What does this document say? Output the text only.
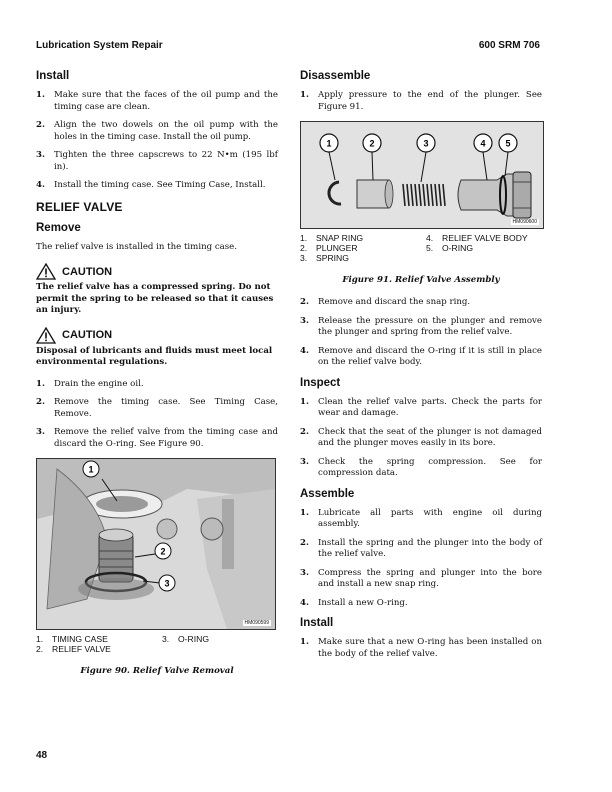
Lubrication System Repair	600 SRM 706
Install
1. Make sure that the faces of the oil pump and the timing case are clean.
2. Align the two dowels on the oil pump with the holes in the timing case. Install the oil pump.
3. Tighten the three capscrews to 22 N•m (195 lbf in).
4. Install the timing case. See Timing Case, Install.
RELIEF VALVE
Remove

The relief valve is installed in the timing case.

CAUTION

The relief valve has a compressed spring. Do not permit the spring to be released so that it causes an injury.

CAUTION

Disposal of lubricants and fluids must meet local environmental regulations.

1. Drain the engine oil.
2. Remove the timing case. See Timing Case, Remove.
3. Remove the relief valve from the timing case and discard the O-ring. See Figure 90.
1
2
3
HM090599
1.	TIMING CASE	3.	O-RING
2.	RELIEF VALVE
Figure 90. Relief Valve Removal
Disassemble
1. Apply pressure to the end of the plunger. See Figure 91.
1	2	3	4 5
HM090600
1.	SNAP RING	4.	RELIEF VALVE BODY
2.	PLUNGER	5.	O-RING
3.	SPRING
Figure 91. Relief Valve Assembly
2. Remove and discard the snap ring.
3. Release the pressure on the plunger and remove the plunger and spring from the relief valve.
4. Remove and discard the O-ring if it is still in place on the relief valve body.
Inspect
1. Clean the relief valve parts. Check the parts for wear and damage.
2. Check that the seat of the plunger is not damaged and the plunger moves easily in its bore.
3. Check the spring compression. See for compression data.
Assemble
1. Lubricate all parts with engine oil during assembly.
2. Install the spring and the plunger into the body of the relief valve.
3. Compress the spring and plunger into the bore and install a new snap ring.
4. Install a new O-ring.
Install
1. Make sure that a new O-ring has been installed on the body of the relief valve.
48
